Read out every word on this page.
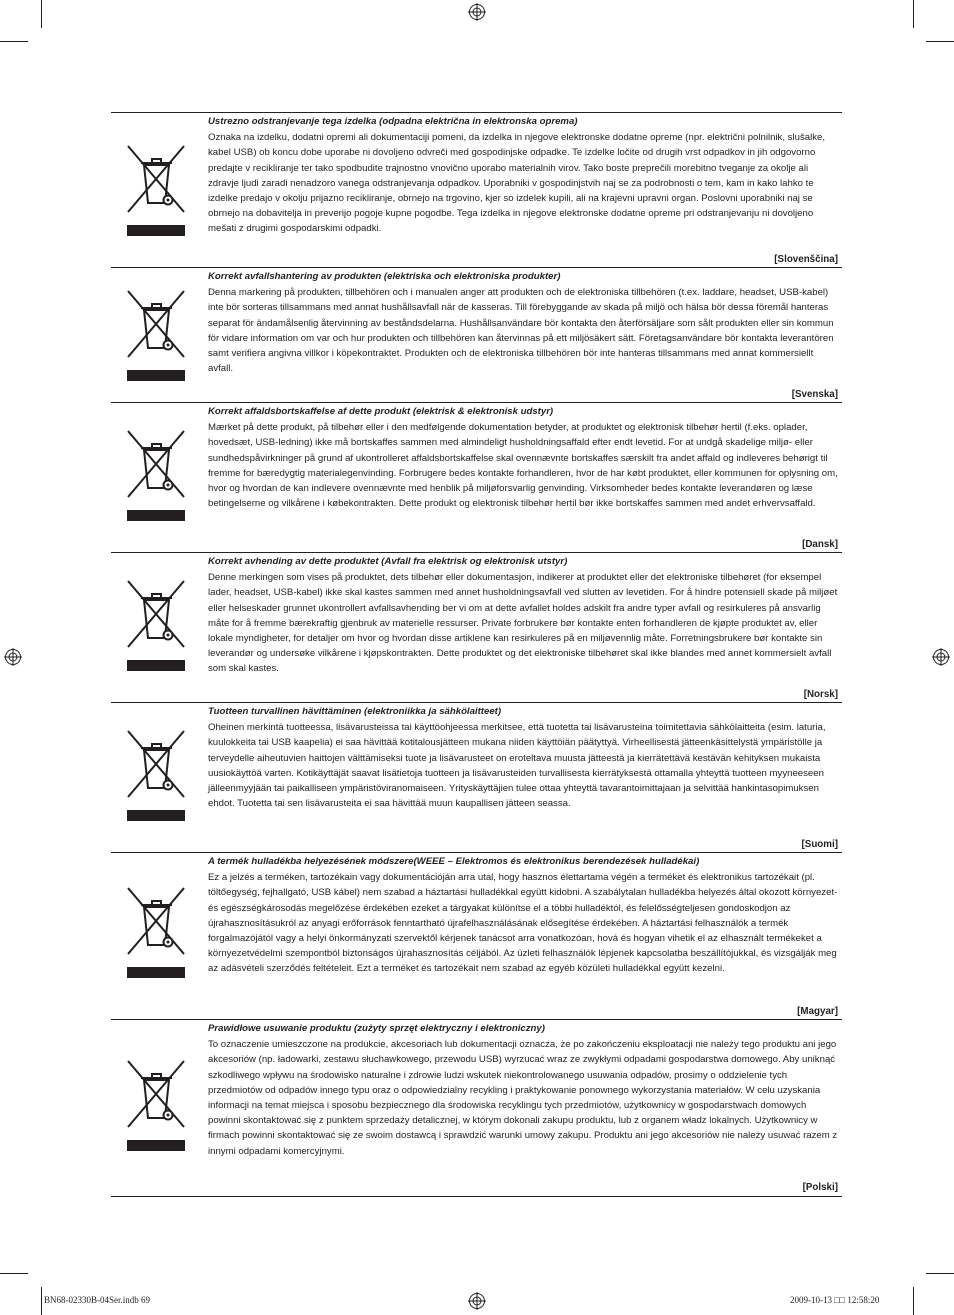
Ustrezno odstranjevanje tega izdelka (odpadna električna in elektronska oprema)
Oznaka na izdelku, dodatni opremi ali dokumentaciji pomeni, da izdelka in njegove elektronske dodatne opreme (npr. električni polnilnik, slušalke, kabel USB) ob koncu dobe uporabe ni dovoljeno odvreči med gospodinjske odpadke. Te izdelke ločite od drugih vrst odpadkov in jih odgovorno predajte v recikliranje ter tako spodbudite trajnostno vnovično uporabo materialnih virov. Tako boste preprečili morebitno tveganje za okolje ali zdravje ljudi zaradi nenadzoro vanega odstranjevanja odpadkov. Uporabniki v gospodinjstvih naj se za podrobnosti o tem, kam in kako lahko te izdelke predajo v okolju prijazno recikliranje, obrnejo na trgovino, kjer so izdelek kupili, ali na krajevni upravni organ. Poslovni uporabniki naj se obrnejo na dobavitelja in preverijo pogoje kupne pogodbe. Tega izdelka in njegove elektronske dodatne opreme pri odstranjevanju ni dovoljeno mešati z drugimi gospodarskimi odpadki.
[Slovenščina]
Korrekt avfallshantering av produkten (elektriska och elektroniska produkter)
Denna markering på produkten, tillbehören och i manualen anger att produkten och de elektroniska tillbehören (t.ex. laddare, headset, USB-kabel) inte bör sorteras tillsammans med annat hushållsavfall när de kasseras. Till förebyggande av skada på miljö och hälsa bör dessa föremål hanteras separat för ändamålsenlig återvinning av beståndsdelarna. Hushållsanvändare bör kontakta den återförsäljare som sålt produkten eller sin kommun för vidare information om var och hur produkten och tillbehören kan återvinnas på ett miljösäkert sätt. Företagsanvändare bör kontakta leverantören samt verifiera angivna villkor i köpekontraktet. Produkten och de elektroniska tillbehören bör inte hanteras tillsammans med annat kommersiellt avfall.
[Svenska]
Korrekt affaldsbortskaffelse af dette produkt (elektrisk & elektronisk udstyr)
Mærket på dette produkt, på tilbehør eller i den medfølgende dokumentation betyder, at produktet og elektronisk tilbehør hertil (f.eks. oplader, hovedsæt, USB-ledning) ikke må bortskaffes sammen med almindeligt husholdningsaffald efter endt levetid. For at undgå skadelige miljø- eller sundhedspåvirkninger på grund af ukontrolleret affaldsbortskaffelse skal ovennævnte bortskaffes særskilt fra andet affald og indleveres behørigt til fremme for bæredygtig materialegenvinding. Forbrugere bedes kontakte forhandleren, hvor de har købt produktet, eller kommunen for oplysning om, hvor og hvordan de kan indlevere ovennævnte med henblik på miljøforsvarlig genvinding. Virksomheder bedes kontakte leverandøren og læse betingelserne og vilkårene i købekontrakten. Dette produkt og elektronisk tilbehør hertil bør ikke bortskaffes sammen med andet erhvervsaffald.
[Dansk]
Korrekt avhending av dette produktet (Avfall fra elektrisk og elektronisk utstyr)
Denne merkingen som vises på produktet, dets tilbehør eller dokumentasjon, indikerer at produktet eller det elektroniske tilbehøret (for eksempel lader, headset, USB-kabel) ikke skal kastes sammen med annet husholdningsavfall ved slutten av levetiden. For å hindre potensiell skade på miljøet eller helseskader grunnet ukontrollert avfallsavhending ber vi om at dette avfallet holdes adskilt fra andre typer avfall og resirkuleres på ansvarlig måte for å fremme bærekraftig gjenbruk av materielle ressurser. Private forbrukere bør kontakte enten forhandleren de kjøpte produktet av, eller lokale myndigheter, for detaljer om hvor og hvordan disse artiklene kan resirkuleres på en miljøvennlig måte. Forretningsbrukere bør kontakte sin leverandør og undersøke vilkårene i kjøpskontrakten. Dette produktet og det elektroniske tilbehøret skal ikke blandes med annet kommersielt avfall som skal kastes.
[Norsk]
Tuotteen turvallinen hävittäminen (elektroniikka ja sähkölaitteet)
Oheinen merkintä tuotteessa, lisävarusteissa tai käyttöohjeessa merkitsee, että tuotetta tai lisävarusteina toimitettavia sähkölaitteita (esim. laturia, kuulokkeita tai USB kaapelia) ei saa hävittää kotitalousjätteen mukana niiden käyttöiän päätyttyä. Virheellisestä jätteenkäsittelystä ympäristölle ja terveydelle aiheutuvien haittojen välttämiseksi tuote ja lisävarusteet on eroteltava muusta jätteestä ja kierrätettävä kestävän kehityksen mukaista uusiokäyttöä varten. Kotikäyttäjät saavat lisätietoja tuotteen ja lisävarusteiden turvallisesta kierrätyksestä ottamalla yhteyttä tuotteen myyneeseen jälleenmyyjään tai paikalliseen ympäristöviranomaiseen. Yrityskäyttäjien tulee ottaa yhteyttä tavarantoimittajaan ja selvittää hankintasopimuksen ehdot. Tuotetta tai sen lisävarusteita ei saa hävittää muun kaupallisen jätteen seassa.
[Suomi]
A termék hulladékba helyezésének módszere(WEEE – Elektromos és elektronikus berendezések hulladékai)
Ez a jelzés a terméken, tartozékain vagy dokumentációján arra utal, hogy hasznos élettartama végén a terméket és elektronikus tartozékait (pl. töltőegység, fejhallgató, USB kábel) nem szabad a háztartási hulladékkal együtt kidobni. A szabálytalan hulladékba helyezés által okozott környezet- és egészségkárosodás megelőzése érdekében ezeket a tárgyakat különítse el a többi hulladéktól, és felelősségteljesen gondoskodjon az újrahasznosításukról az anyagi erőforrások fenntartható újrafelhasználásának elősegítése érdekében. A háztartási felhasználók a termék forgalmazójától vagy a helyi önkormányzati szervektől kérjenek tanácsot arra vonatkozóan, hová és hogyan vihetik el az elhasznált termékeket a környezetvédelmi szempontból biztonságos újrahasznosítás céljából. Az üzleti felhasználók lépjenek kapcsolatba beszállítójukkal, és vizsgálják meg az adásvételi szerződés feltételeit. Ezt a terméket és tartozékait nem szabad az egyéb közületi hulladékkal együtt kezelni.
[Magyar]
Prawidłowe usuwanie produktu (zużyty sprzęt elektryczny i elektroniczny)
To oznaczenie umieszczone na produkcie, akcesoriach lub dokumentacji oznacza, że po zakończeniu eksploatacji nie należy tego produktu ani jego akcesoriów (np. ładowarki, zestawu słuchawkowego, przewodu USB) wyrzucać wraz ze zwykłymi odpadami gospodarstwa domowego. Aby uniknąć szkodliwego wpływu na środowisko naturalne i zdrowie ludzi wskutek niekontrolowanego usuwania odpadów, prosimy o oddzielenie tych przedmiotów od odpadów innego typu oraz o odpowiedzialny recykling i praktykowanie ponownego wykorzystania materiałów. W celu uzyskania informacji na temat miejsca i sposobu bezpiecznego dla środowiska recyklingu tych przedmiotów, użytkownicy w gospodarstwach domowych powinni skontaktować się z punktem sprzedaży detalicznej, w którym dokonali zakupu produktu, lub z organem władz lokalnych. Użytkownicy w firmach powinni skontaktować się ze swoim dostawcą i sprawdzić warunki umowy zakupu. Produktu ani jego akcesoriów nie należy usuwać razem z innymi odpadami komercyjnymi.
[Polski]
BN68-02330B-04Ser.indb 69	2009-10-13 □□ 12:58:20
